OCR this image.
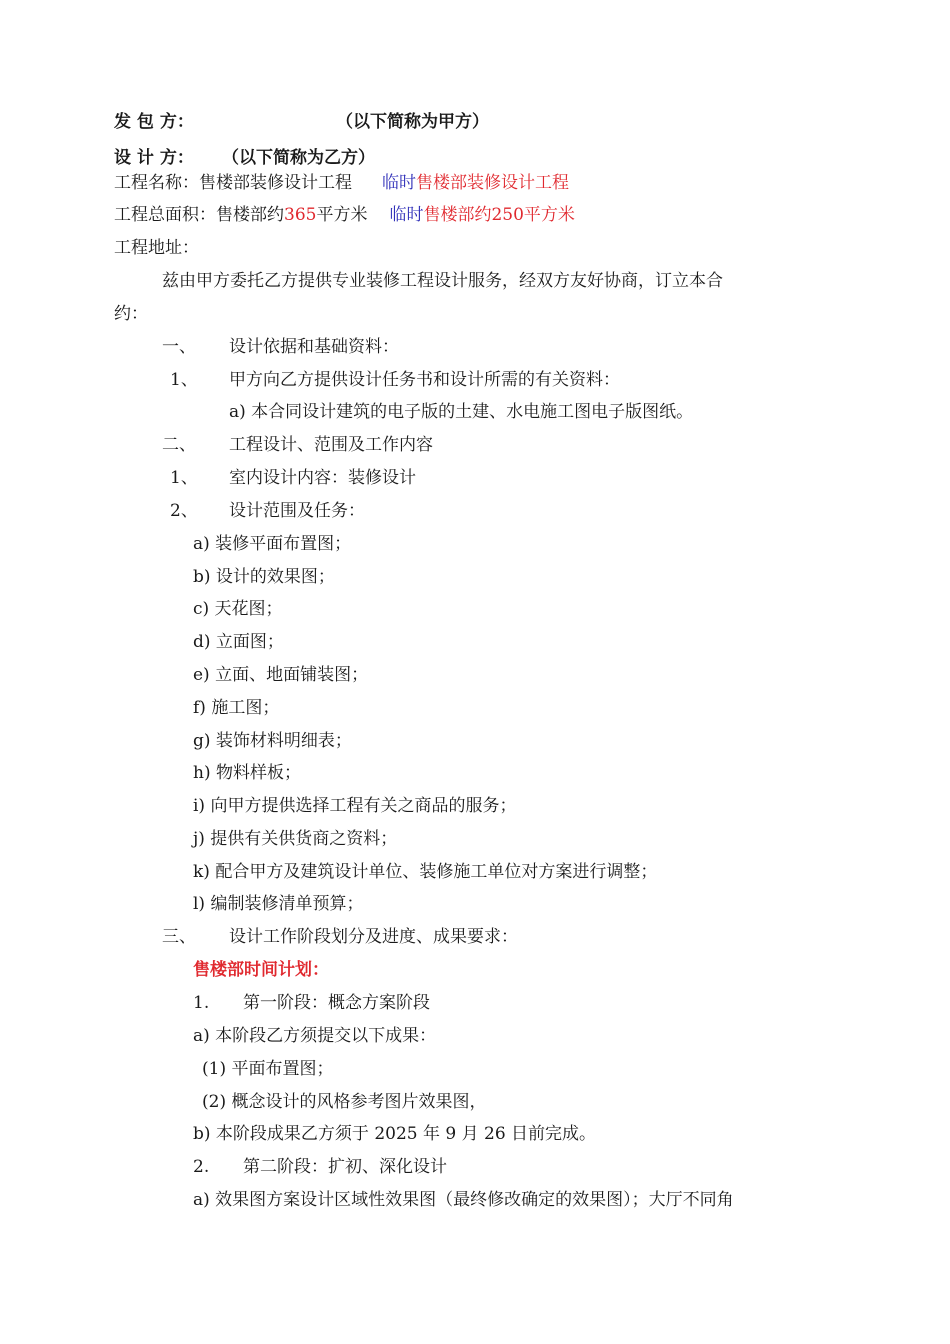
发 包 方：	（以下简称为甲方）
设 计 方： （以下简称为乙方）
工程名称：售楼部装修设计工程 临时售楼部装修设计工程
工程总面积：售楼部约365平方米 临时售楼部约250平方米
工程地址：
兹由甲方委托乙方提供专业装修工程设计服务，经双方友好协商，订立本合
约：
一、 设计依据和基础资料：
1、 甲方向乙方提供设计任务书和设计所需的有关资料：
a) 本合同设计建筑的电子版的土建、水电施工图电子版图纸。
二、 工程设计、范围及工作内容
1、 室内设计内容：装修设计
2、 设计范围及任务：
a) 装修平面布置图；
b) 设计的效果图；
c) 天花图；
d) 立面图；
e) 立面、地面铺装图；
f) 施工图；
g) 装饰材料明细表；
h) 物料样板；
i) 向甲方提供选择工程有关之商品的服务；
j) 提供有关供货商之资料；
k) 配合甲方及建筑设计单位、装修施工单位对方案进行调整；
l) 编制装修清单预算；
三、 设计工作阶段划分及进度、成果要求：
售楼部时间计划：
1. 第一阶段：概念方案阶段
a) 本阶段乙方须提交以下成果：
(1) 平面布置图；
(2) 概念设计的风格参考图片效果图，
b) 本阶段成果乙方须于 2025 年 9 月 26 日前完成。
2. 第二阶段：扩初、深化设计
a) 效果图方案设计区域性效果图（最终修改确定的效果图）；大厅不同角
